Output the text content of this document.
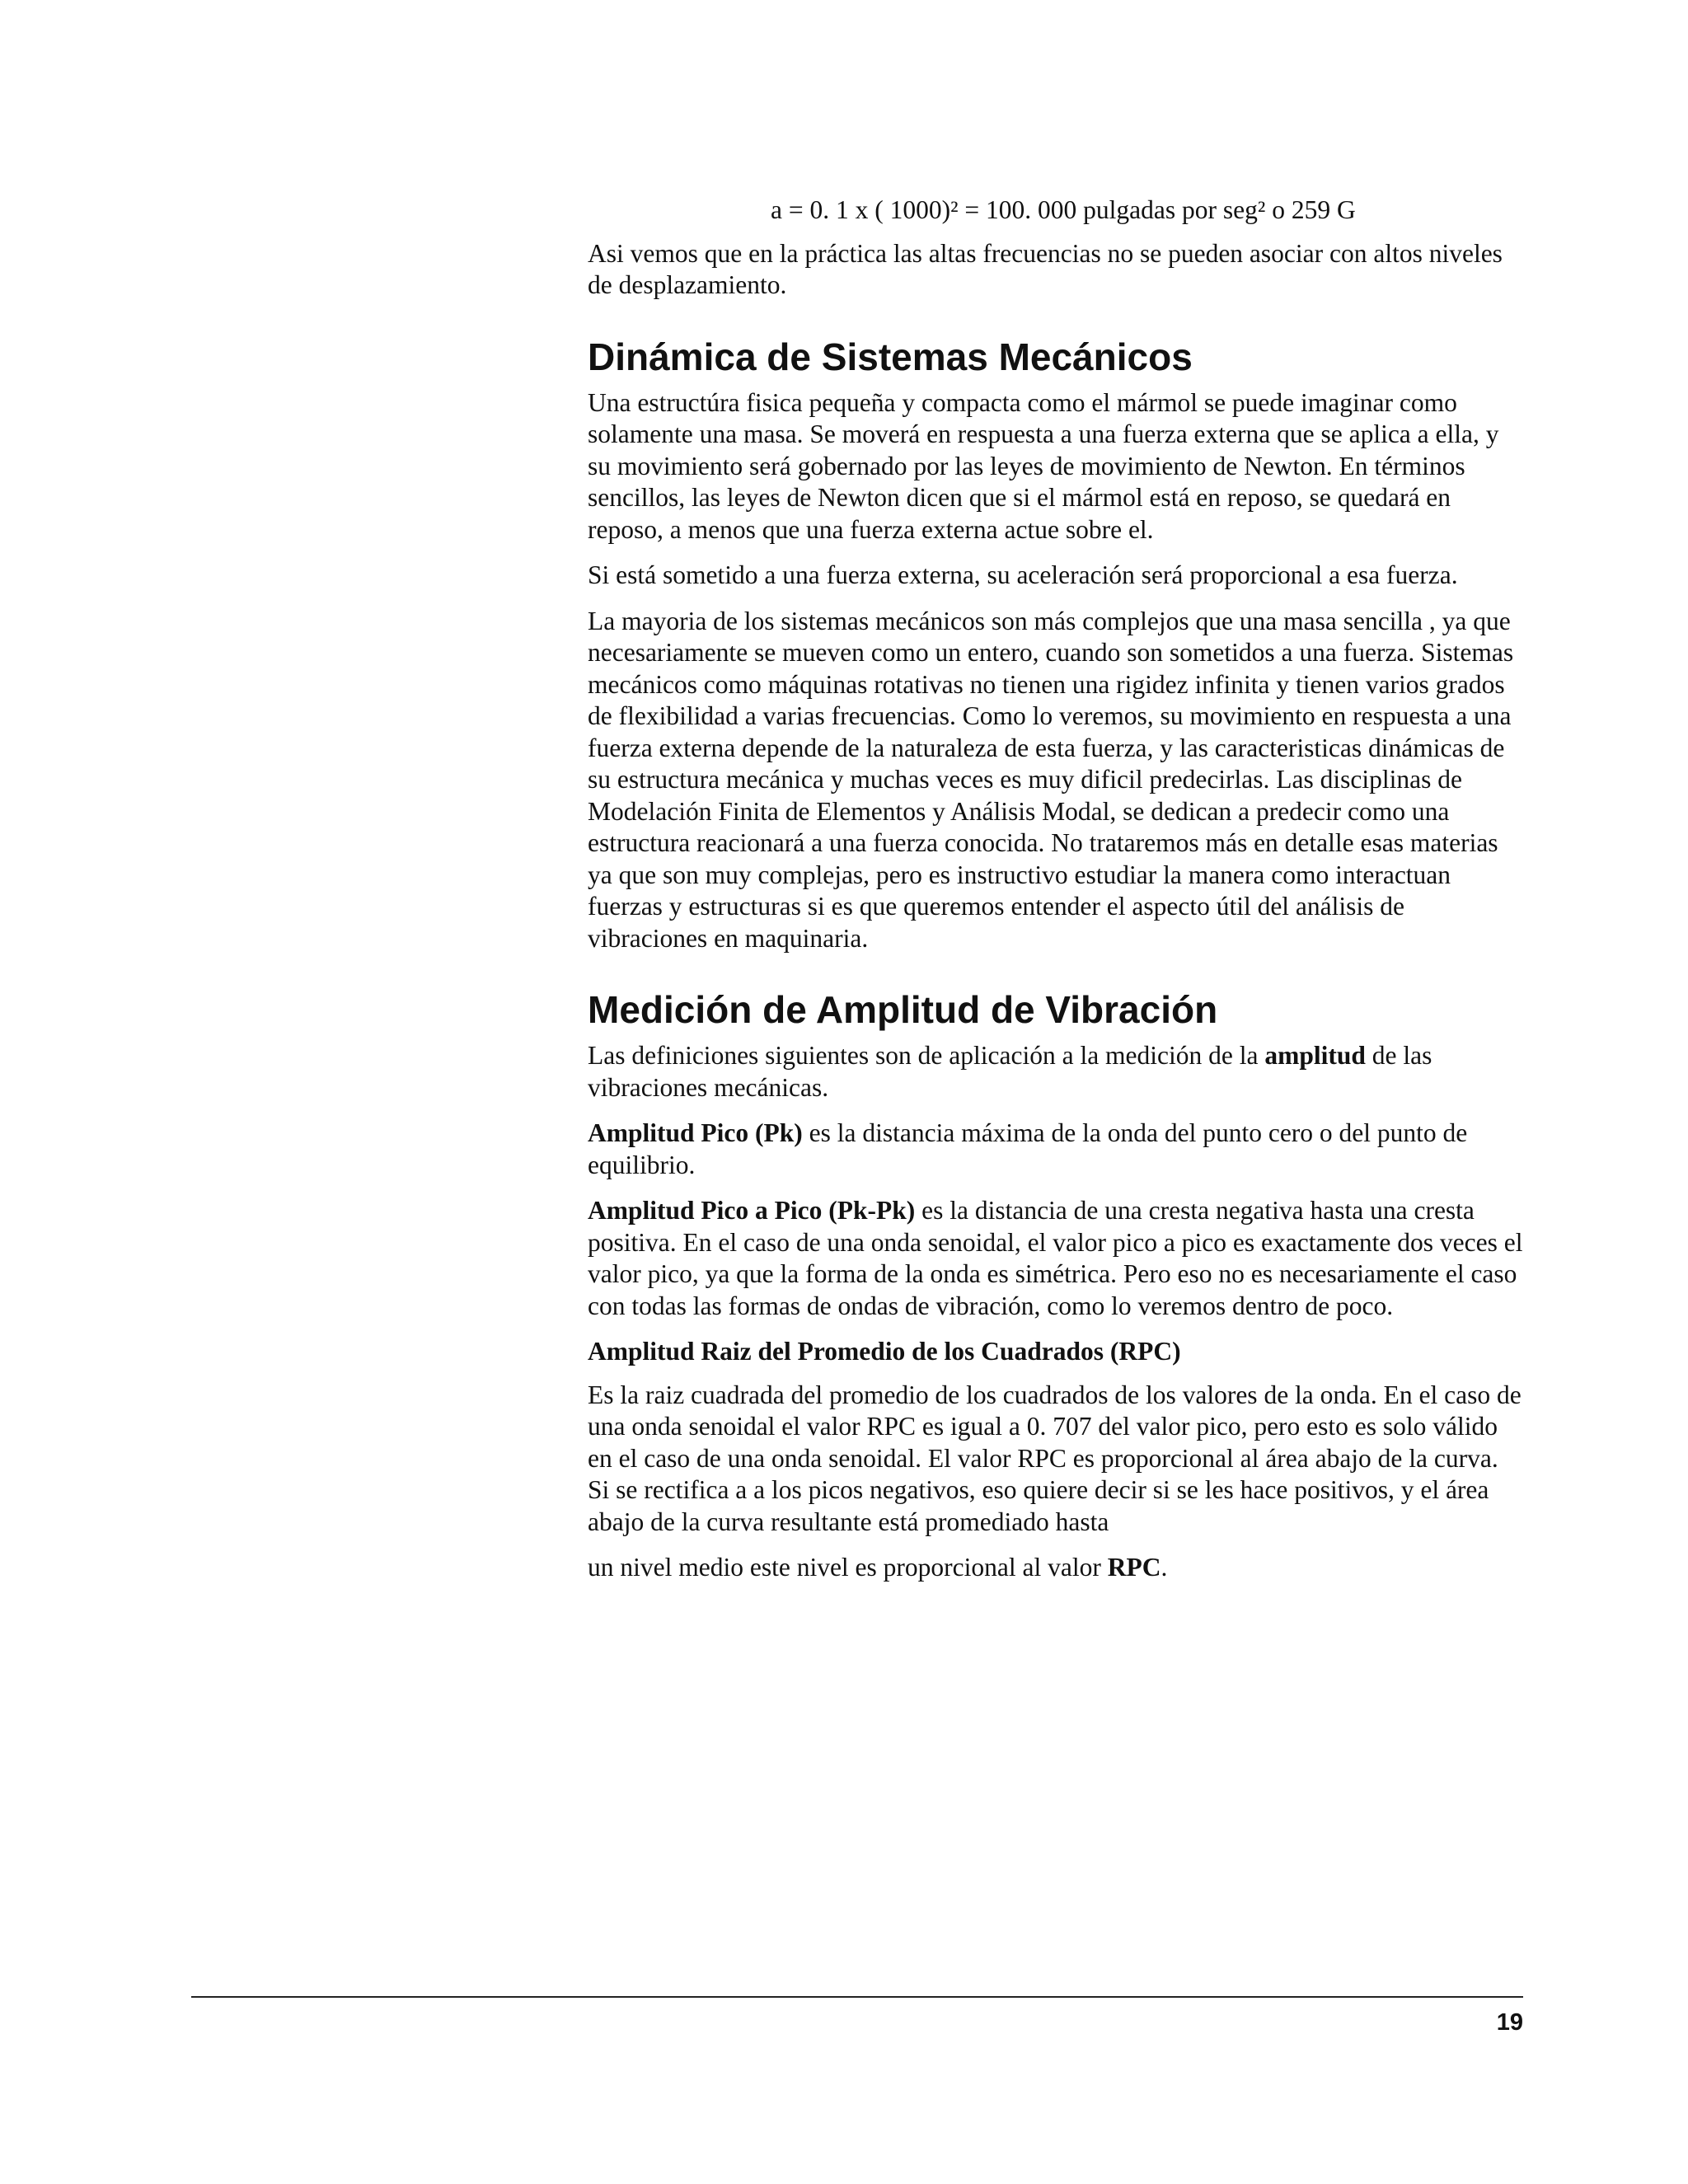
a = 0. 1 x ( 1000)² = 100. 000 pulgadas por seg² o 259 G

Asi vemos que en la práctica las altas frecuencias no se pueden asociar con altos niveles de desplazamiento.

Dinámica de Sistemas Mecánicos

Una estructúra fisica pequeña y compacta como el mármol se puede imaginar como solamente una masa. Se moverá en respuesta a una fuerza externa que se aplica a ella, y su movimiento será gobernado por las leyes de movimiento de Newton. En términos sencillos, las leyes de Newton dicen que si el mármol está en reposo, se quedará en reposo, a menos que una fuerza externa actue sobre el.

Si está sometido a una fuerza externa, su aceleración será proporcional a esa fuerza.

La mayoria de los sistemas mecánicos son más complejos que una masa sencilla , ya que necesariamente se mueven como un entero, cuando son sometidos a una fuerza. Sistemas mecánicos como máquinas rotativas no tienen una rigidez infinita y tienen varios grados de flexibilidad a varias frecuencias. Como lo veremos, su movimiento en respuesta a una fuerza externa depende de la naturaleza de esta fuerza, y las caracteristicas dinámicas de su estructura mecánica y muchas veces es muy dificil predecirlas. Las disciplinas de Modelación Finita de Elementos y Análisis Modal, se dedican a predecir como una estructura reacionará a una fuerza conocida. No trataremos más en detalle esas materias ya que son muy complejas, pero es instructivo estudiar la manera como interactuan fuerzas y estructuras si es que queremos entender el aspecto útil del análisis de vibraciones en maquinaria.

Medición de Amplitud de Vibración

Las definiciones siguientes son de aplicación a la medición de la amplitud de las vibraciones mecánicas.

Amplitud Pico (Pk) es la distancia máxima de la onda del punto cero o del punto de equilibrio.

Amplitud Pico a Pico (Pk-Pk) es la distancia de una cresta negativa hasta una cresta positiva. En el caso de una onda senoidal, el valor pico a pico es exactamente dos veces el valor pico, ya que la forma de la onda es simétrica. Pero eso no es necesariamente el caso con todas las formas de ondas de vibración, como lo veremos dentro de poco.

Amplitud Raiz del Promedio de los Cuadrados (RPC)

Es la raiz cuadrada del promedio de los cuadrados de los valores de la onda. En el caso de una onda senoidal el valor RPC es igual a 0. 707 del valor pico, pero esto es solo válido en el caso de una onda senoidal. El valor RPC es proporcional al área abajo de la curva. Si se rectifica a a los picos negativos, eso quiere decir si se les hace positivos, y el área abajo de la curva resultante está promediado hasta

un nivel medio este nivel es proporcional al valor RPC.

19
